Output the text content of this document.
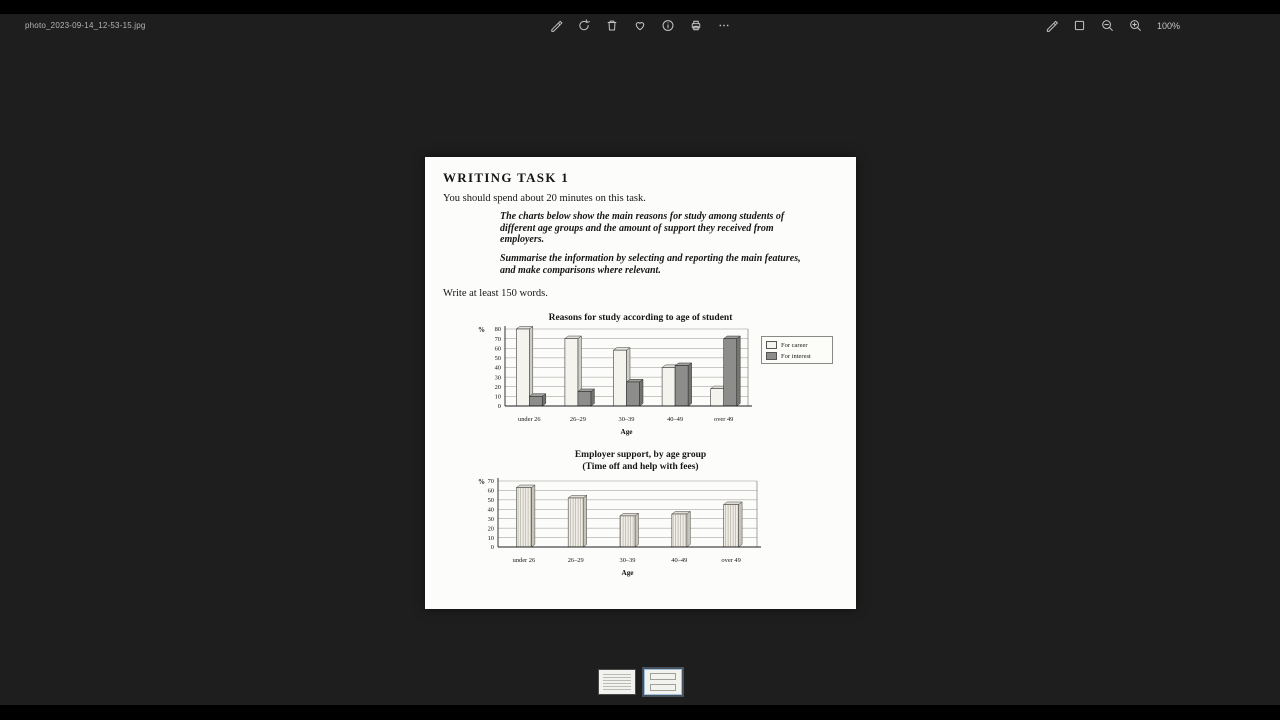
photo_2023-09-14_12-53-15.jpg	100%
WRITING TASK 1
You should spend about 20 minutes on this task.
The charts below show the main reasons for study among students of different age groups and the amount of support they received from employers.
Summarise the information by selecting and reporting the main features, and make comparisons where relevant.
Write at least 150 words.
Reasons for study according to age of student
0
10
20
30
40
50
60
70
80
%
under 26	26–29	30–39	40–49	over 49
Age
For career
For interest
Employer support, by age group
(Time off and help with fees)
0
10
20
30
40
50
60
70
%
under 26	26–29	30–39	40–49	over 49
Age
